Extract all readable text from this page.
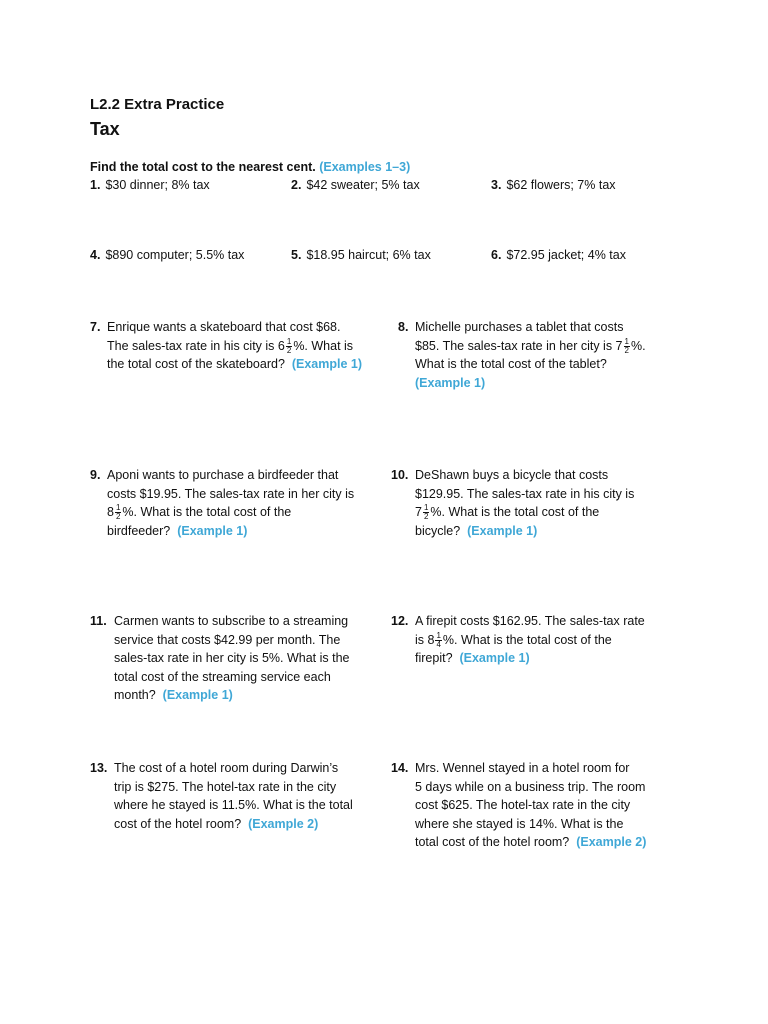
L2.2 Extra Practice
Tax
Find the total cost to the nearest cent. (Examples 1–3)
1. $30 dinner; 8% tax	2. $42 sweater; 5% tax	3. $62 flowers; 7% tax
4. $890 computer; 5.5% tax	5. $18.95 haircut; 6% tax	6. $72.95 jacket; 4% tax
7. Enrique wants a skateboard that cost $68.
The sales-tax rate in his city is $6 \frac{1}{2}$ %. What is
the total cost of the skateboard? (Example 1)
8. Michelle purchases a tablet that costs
$85. The sales-tax rate in her city is $7 \frac{1}{2}$ %.
What is the total cost of the tablet?
(Example 1)
9. Aponi wants to purchase a birdfeeder that
costs $19.95. The sales-tax rate in her city is
$8 \frac{1}{2}$ %. What is the total cost of the
birdfeeder? (Example 1)
10. DeShawn buys a bicycle that costs
$129.95. The sales-tax rate in his city is
$7 \frac{1}{2}$ %. What is the total cost of the
bicycle? (Example 1)
11. Carmen wants to subscribe to a streaming
service that costs $42.99 per month. The
sales-tax rate in her city is 5%. What is the
total cost of the streaming service each
month? (Example 1)
12. A firepit costs $162.95. The sales-tax rate
is $8 \frac{1}{4}$ %. What is the total cost of the
firepit? (Example 1)
13. The cost of a hotel room during Darwin’s
trip is $275. The hotel-tax rate in the city
where he stayed is 11.5%. What is the total
cost of the hotel room? (Example 2)
14. Mrs. Wennel stayed in a hotel room for
5 days while on a business trip. The room
cost $625. The hotel-tax rate in the city
where she stayed is 14%. What is the
total cost of the hotel room? (Example 2)
